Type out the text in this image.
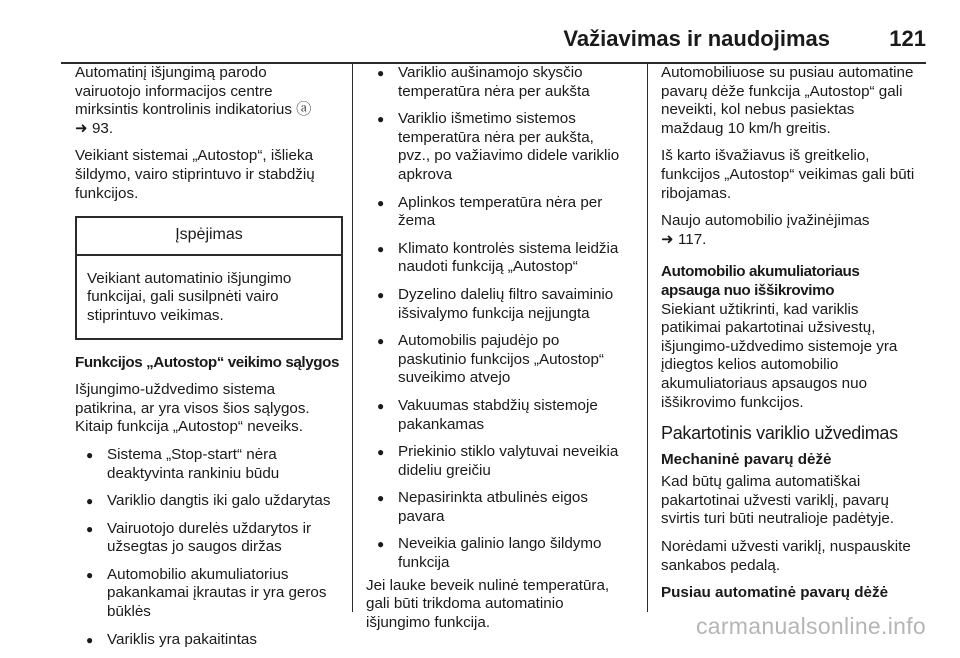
Važiavimas ir naudojimas	121
Automatinį išjungimą parodo
vairuotojo informacijos centre
mirksintis kontrolinis indikatorius ⓐ
➜ 93.
Veikiant sistemai „Autostop“, išlieka
šildymo, vairo stiprintuvo ir stabdžių
funkcijos.
Įspėjimas
Veikiant automatinio išjungimo
funkcijai, gali susilpnėti vairo
stiprintuvo veikimas.
Funkcijos „Autostop“ veikimo sąlygos
Išjungimo-uždvedimo sistema
patikrina, ar yra visos šios sąlygos.
Kitaip funkcija „Autostop“ neveiks.
● Sistema „Stop-start“ nėra
deaktyvinta rankiniu būdu
● Variklio dangtis iki galo uždarytas
● Vairuotojo durelės uždarytos ir
užsegtas jo saugos diržas
● Automobilio akumuliatorius
pakankamai įkrautas ir yra geros
būklės
● Variklis yra pakaitintas
● Variklio aušinamojo skysčio
temperatūra nėra per aukšta
● Variklio išmetimo sistemos
temperatūra nėra per aukšta,
pvz., po važiavimo didele variklio
apkrova
● Aplinkos temperatūra nėra per
žema
● Klimato kontrolės sistema leidžia
naudoti funkciją „Autostop“
● Dyzelino dalelių filtro savaiminio
išsivalymo funkcija neįjungta
● Automobilis pajudėjo po
paskutinio funkcijos „Autostop“
suveikimo atvejo
● Vakuumas stabdžių sistemoje
pakankamas
● Priekinio stiklo valytuvai neveikia
dideliu greičiu
● Nepasirinkta atbulinės eigos
pavara
● Neveikia galinio lango šildymo
funkcija
Jei lauke beveik nulinė temperatūra,
gali būti trikdoma automatinio
išjungimo funkcija.
Automobiliuose su pusiau automatine
pavarų dėže funkcija „Autostop“ gali
neveikti, kol nebus pasiektas
maždaug 10 km/h greitis.
Iš karto išvažiavus iš greitkelio,
funkcijos „Autostop“ veikimas gali būti
ribojamas.
Naujo automobilio įvažinėjimas
➜ 117.
Automobilio akumuliatoriaus
apsauga nuo iššikrovimo
Siekiant užtikrinti, kad variklis
patikimai pakartotinai užsivestų,
išjungimo-uždvedimo sistemoje yra
įdiegtos kelios automobilio
akumuliatoriaus apsaugos nuo
iššikrovimo funkcijos.
Pakartotinis variklio užvedimas
Mechaninė pavarų dėžė
Kad būtų galima automatiškai
pakartotinai užvesti variklį, pavarų
svirtis turi būti neutralioje padėtyje.
Norėdami užvesti variklį, nuspauskite
sankabos pedalą.
Pusiau automatinė pavarų dėžė
carmanualsonline.info
